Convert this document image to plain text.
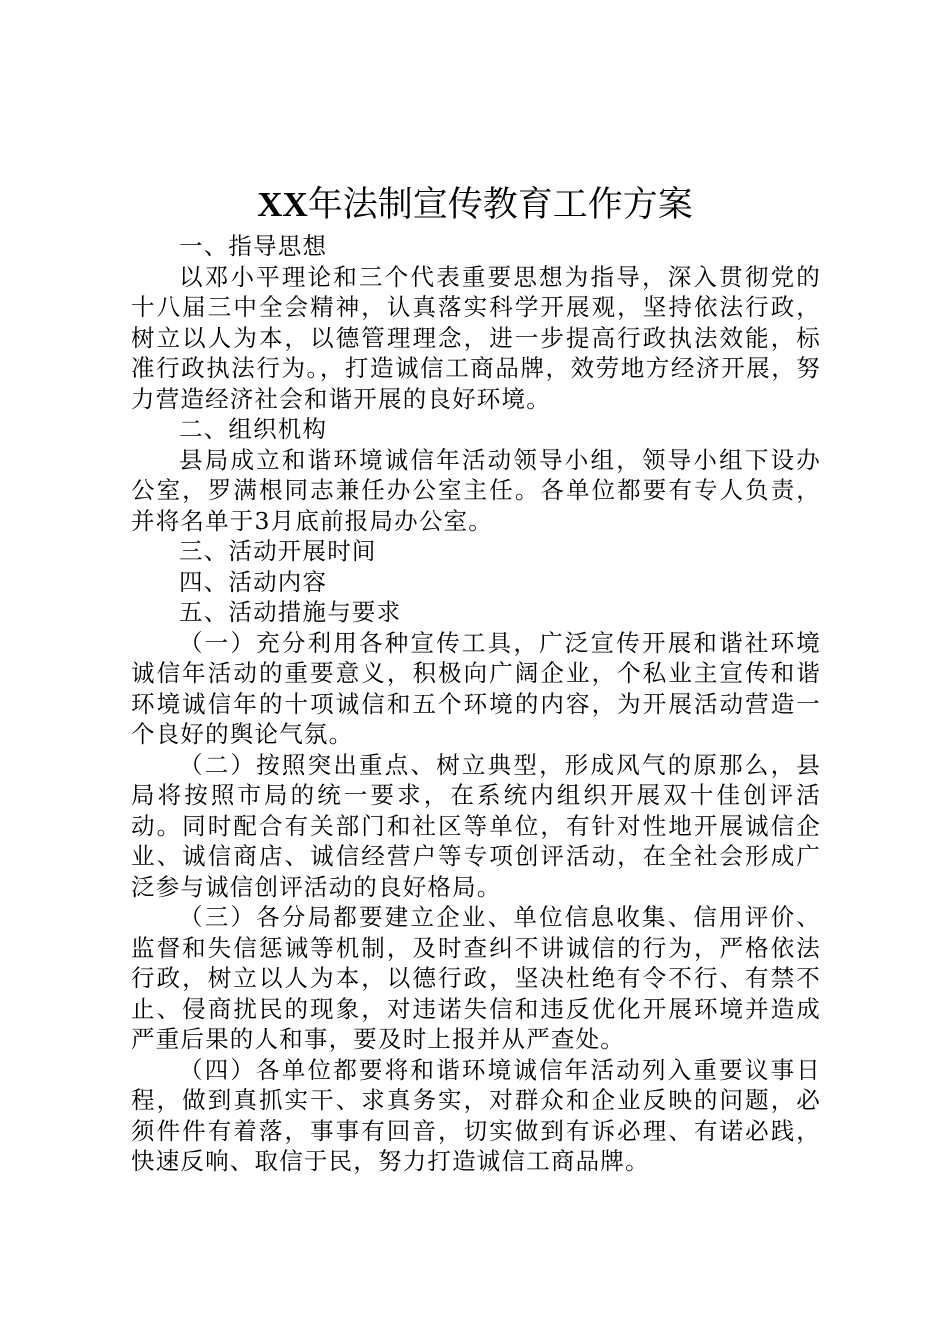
XX年法制宣传教育工作方案

一、指导思想

以邓小平理论和三个代表重要思想为指导，深入贯彻党的十八届三中全会精神，认真落实科学开展观，坚持依法行政，树立以人为本，以德管理理念，进一步提高行政执法效能，标准行政执法行为。，打造诚信工商品牌，效劳地方经济开展，努力营造经济社会和谐开展的良好环境。

二、组织机构

县局成立和谐环境诚信年活动领导小组，领导小组下设办公室，罗满根同志兼任办公室主任。各单位都要有专人负责，并将名单于3月底前报局办公室。

三、活动开展时间

四、活动内容

五、活动措施与要求

（一）充分利用各种宣传工具，广泛宣传开展和谐社环境诚信年活动的重要意义，积极向广阔企业，个私业主宣传和谐环境诚信年的十项诚信和五个环境的内容，为开展活动营造一个良好的舆论气氛。

（二）按照突出重点、树立典型，形成风气的原那么，县局将按照市局的统一要求，在系统内组织开展双十佳创评活动。同时配合有关部门和社区等单位，有针对性地开展诚信企业、诚信商店、诚信经营户等专项创评活动，在全社会形成广泛参与诚信创评活动的良好格局。

（三）各分局都要建立企业、单位信息收集、信用评价、监督和失信惩诫等机制，及时查纠不讲诚信的行为，严格依法行政，树立以人为本，以德行政，坚决杜绝有令不行、有禁不止、侵商扰民的现象，对违诺失信和违反优化开展环境并造成严重后果的人和事，要及时上报并从严查处。

（四）各单位都要将和谐环境诚信年活动列入重要议事日程，做到真抓实干、求真务实，对群众和企业反映的问题，必须件件有着落，事事有回音，切实做到有诉必理、有诺必践，快速反响、取信于民，努力打造诚信工商品牌。
